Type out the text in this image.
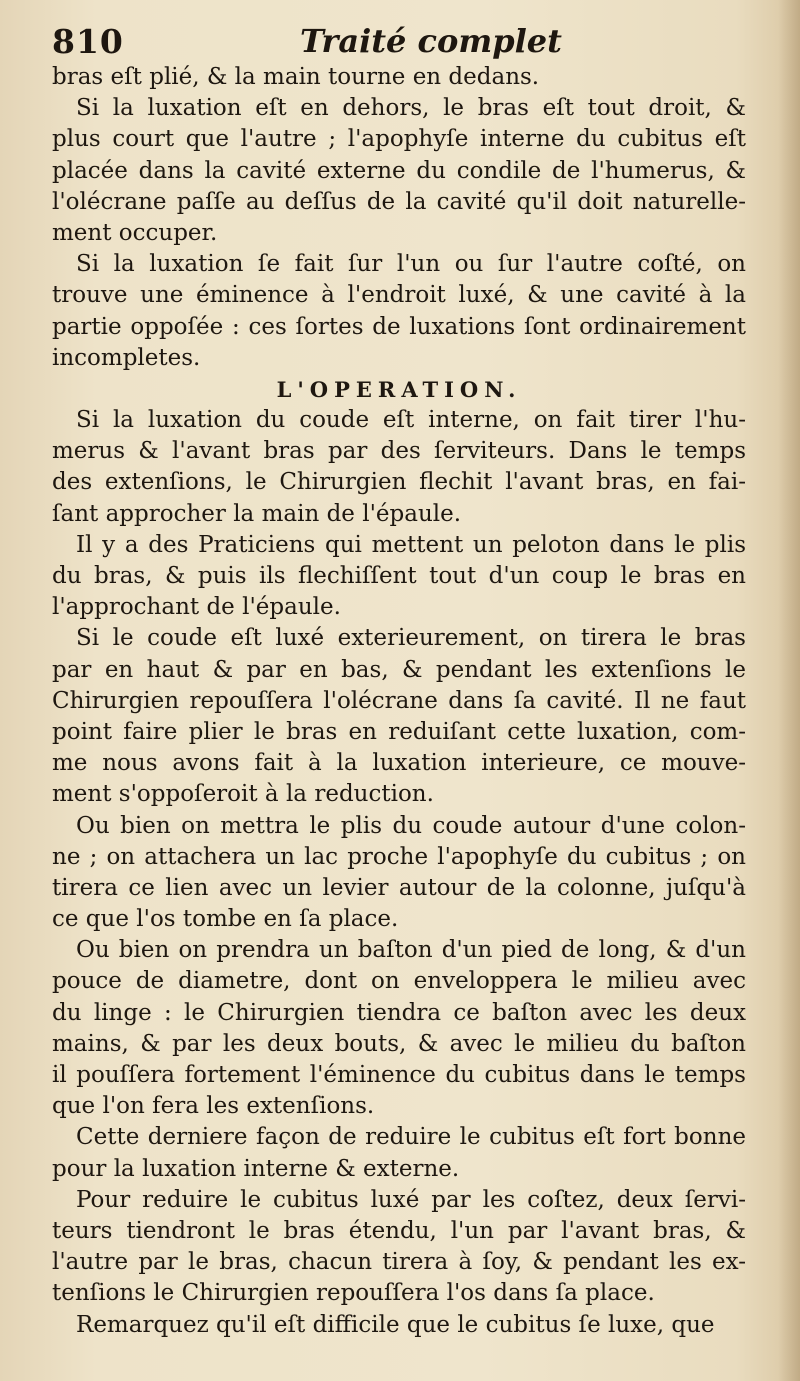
810	Traité complet
bras eſt plié, & la main tourne en dedans.
Si la luxation eſt en dehors, le bras eſt tout droit, &
plus court que l'autre ; l'apophyſe interne du cubitus eſt
placée dans la cavité externe du condile de l'humerus, &
l'olécrane paſſe au deſſus de la cavité qu'il doit naturelle-
ment occuper.
Si la luxation ſe fait ſur l'un ou ſur l'autre coſté, on
trouve une éminence à l'endroit luxé, & une cavité à la
partie oppoſée : ces ſortes de luxations ſont ordinairement
incompletes.
L'OPERATION.
Si la luxation du coude eſt interne, on fait tirer l'hu-
merus & l'avant bras par des ſerviteurs. Dans le temps
des extenſions, le Chirurgien flechit l'avant bras, en fai-
ſant approcher la main de l'épaule.
Il y a des Praticiens qui mettent un peloton dans le plis
du bras, & puis ils flechiſſent tout d'un coup le bras en
l'approchant de l'épaule.
Si le coude eſt luxé exterieurement, on tirera le bras
par en haut & par en bas, & pendant les extenſions le
Chirurgien repouſſera l'olécrane dans ſa cavité. Il ne faut
point faire plier le bras en reduiſant cette luxation, com-
me nous avons fait à la luxation interieure, ce mouve-
ment s'oppoſeroit à la reduction.
Ou bien on mettra le plis du coude autour d'une colon-
ne ; on attachera un lac proche l'apophyſe du cubitus ; on
tirera ce lien avec un levier autour de la colonne, juſqu'à
ce que l'os tombe en ſa place.
Ou bien on prendra un baſton d'un pied de long, & d'un
pouce de diametre, dont on enveloppera le milieu avec
du linge : le Chirurgien tiendra ce baſton avec les deux
mains, & par les deux bouts, & avec le milieu du baſton
il pouſſera fortement l'éminence du cubitus dans le temps
que l'on fera les extenſions.
Cette derniere façon de reduire le cubitus eſt fort bonne
pour la luxation interne & externe.
Pour reduire le cubitus luxé par les coſtez, deux ſervi-
teurs tiendront le bras étendu, l'un par l'avant bras, &
l'autre par le bras, chacun tirera à ſoy, & pendant les ex-
tenſions le Chirurgien repouſſera l'os dans ſa place.
Remarquez qu'il eſt difficile que le cubitus ſe luxe, que
